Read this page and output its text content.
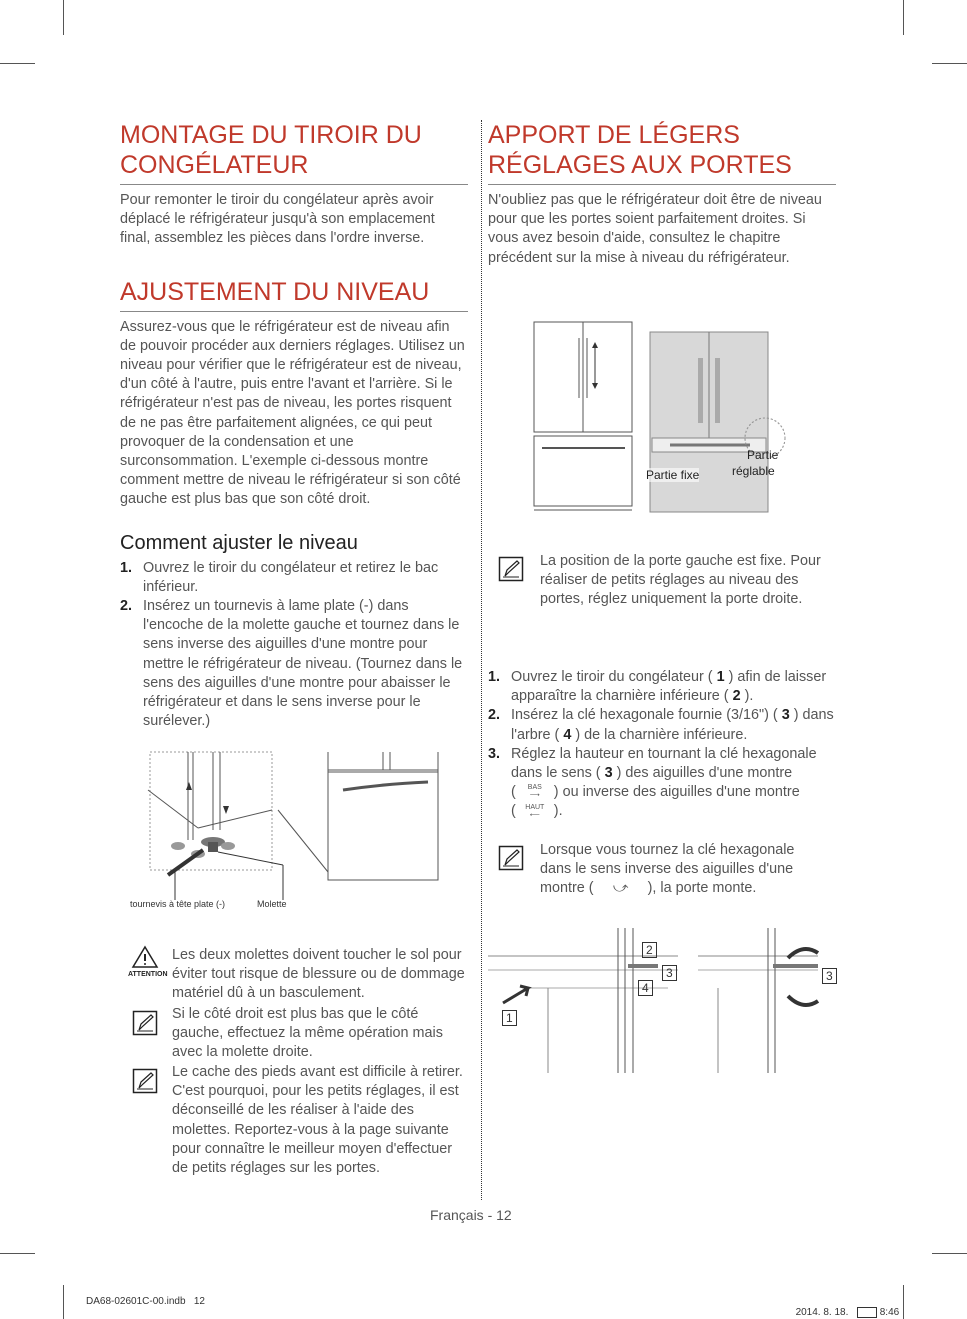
MONTAGE DU TIROIR DU CONGÉLATEUR

Pour remonter le tiroir du congélateur après avoir déplacé le réfrigérateur jusqu'à son emplacement final, assemblez les pièces dans l'ordre inverse.

AJUSTEMENT DU NIVEAU

Assurez-vous que le réfrigérateur est de niveau afin de pouvoir procéder aux derniers réglages. Utilisez un niveau pour vérifier que le réfrigérateur est de niveau, d'un côté à l'autre, puis entre l'avant et l'arrière. Si le réfrigérateur n'est pas de niveau, les portes risquent de ne pas être parfaitement alignées, ce qui peut provoquer de la condensation et une surconsommation. L'exemple ci-dessous montre comment mettre de niveau le réfrigérateur si son côté gauche est plus bas que son côté droit.

Comment ajuster le niveau
1. Ouvrez le tiroir du congélateur et retirez le bac inférieur.
2. Insérez un tournevis à lame plate (-) dans l'encoche de la molette gauche et tournez dans le sens inverse des aiguilles d'une montre pour mettre le réfrigérateur de niveau. (Tournez dans le sens des aiguilles d'une montre pour abaisser le réfrigérateur et dans le sens inverse pour le surélever.)
tournevis à tête plate (-)	Molette
ATTENTION
Les deux molettes doivent toucher le sol pour éviter tout risque de blessure ou de dommage matériel dû à un basculement.
Si le côté droit est plus bas que le côté gauche, effectuez la même opération mais avec la molette droite.
Le cache des pieds avant est difficile à retirer. C'est pourquoi, pour les petits réglages, il est déconseillé de les réaliser à l'aide des molettes. Reportez-vous à la page suivante pour connaître le meilleur moyen d'effectuer de petits réglages sur les portes.
APPORT DE LÉGERS RÉGLAGES AUX PORTES

N'oubliez pas que le réfrigérateur doit être de niveau pour que les portes soient parfaitement droites. Si vous avez besoin d'aide, consultez le chapitre précédent sur la mise à niveau du réfrigérateur.

Partie fixe
Partie
réglable
La position de la porte gauche est fixe. Pour réaliser de petits réglages au niveau des portes, réglez uniquement la porte droite.
1. Ouvrez le tiroir du congélateur ( 1 ) afin de laisser apparaître la charnière inférieure ( 2 ).
2. Insérez la clé hexagonale fournie (3/16") ( 3 ) dans l'arbre ( 4 ) de la charnière inférieure.
3. Réglez la hauteur en tournant la clé hexagonale dans le sens ( 3 ) des aiguilles d'une montre
( BAS
⟶ ) ou inverse des aiguilles d'une montre
( HAUT
⟵ ).
Lorsque vous tournez la clé hexagonale dans le sens inverse des aiguilles d'une montre ( ⤻ ), la porte monte.
2
3
4
1
3
Français - 12
DA68-02601C-00.indb   12

2014. 8. 18.   8:46
